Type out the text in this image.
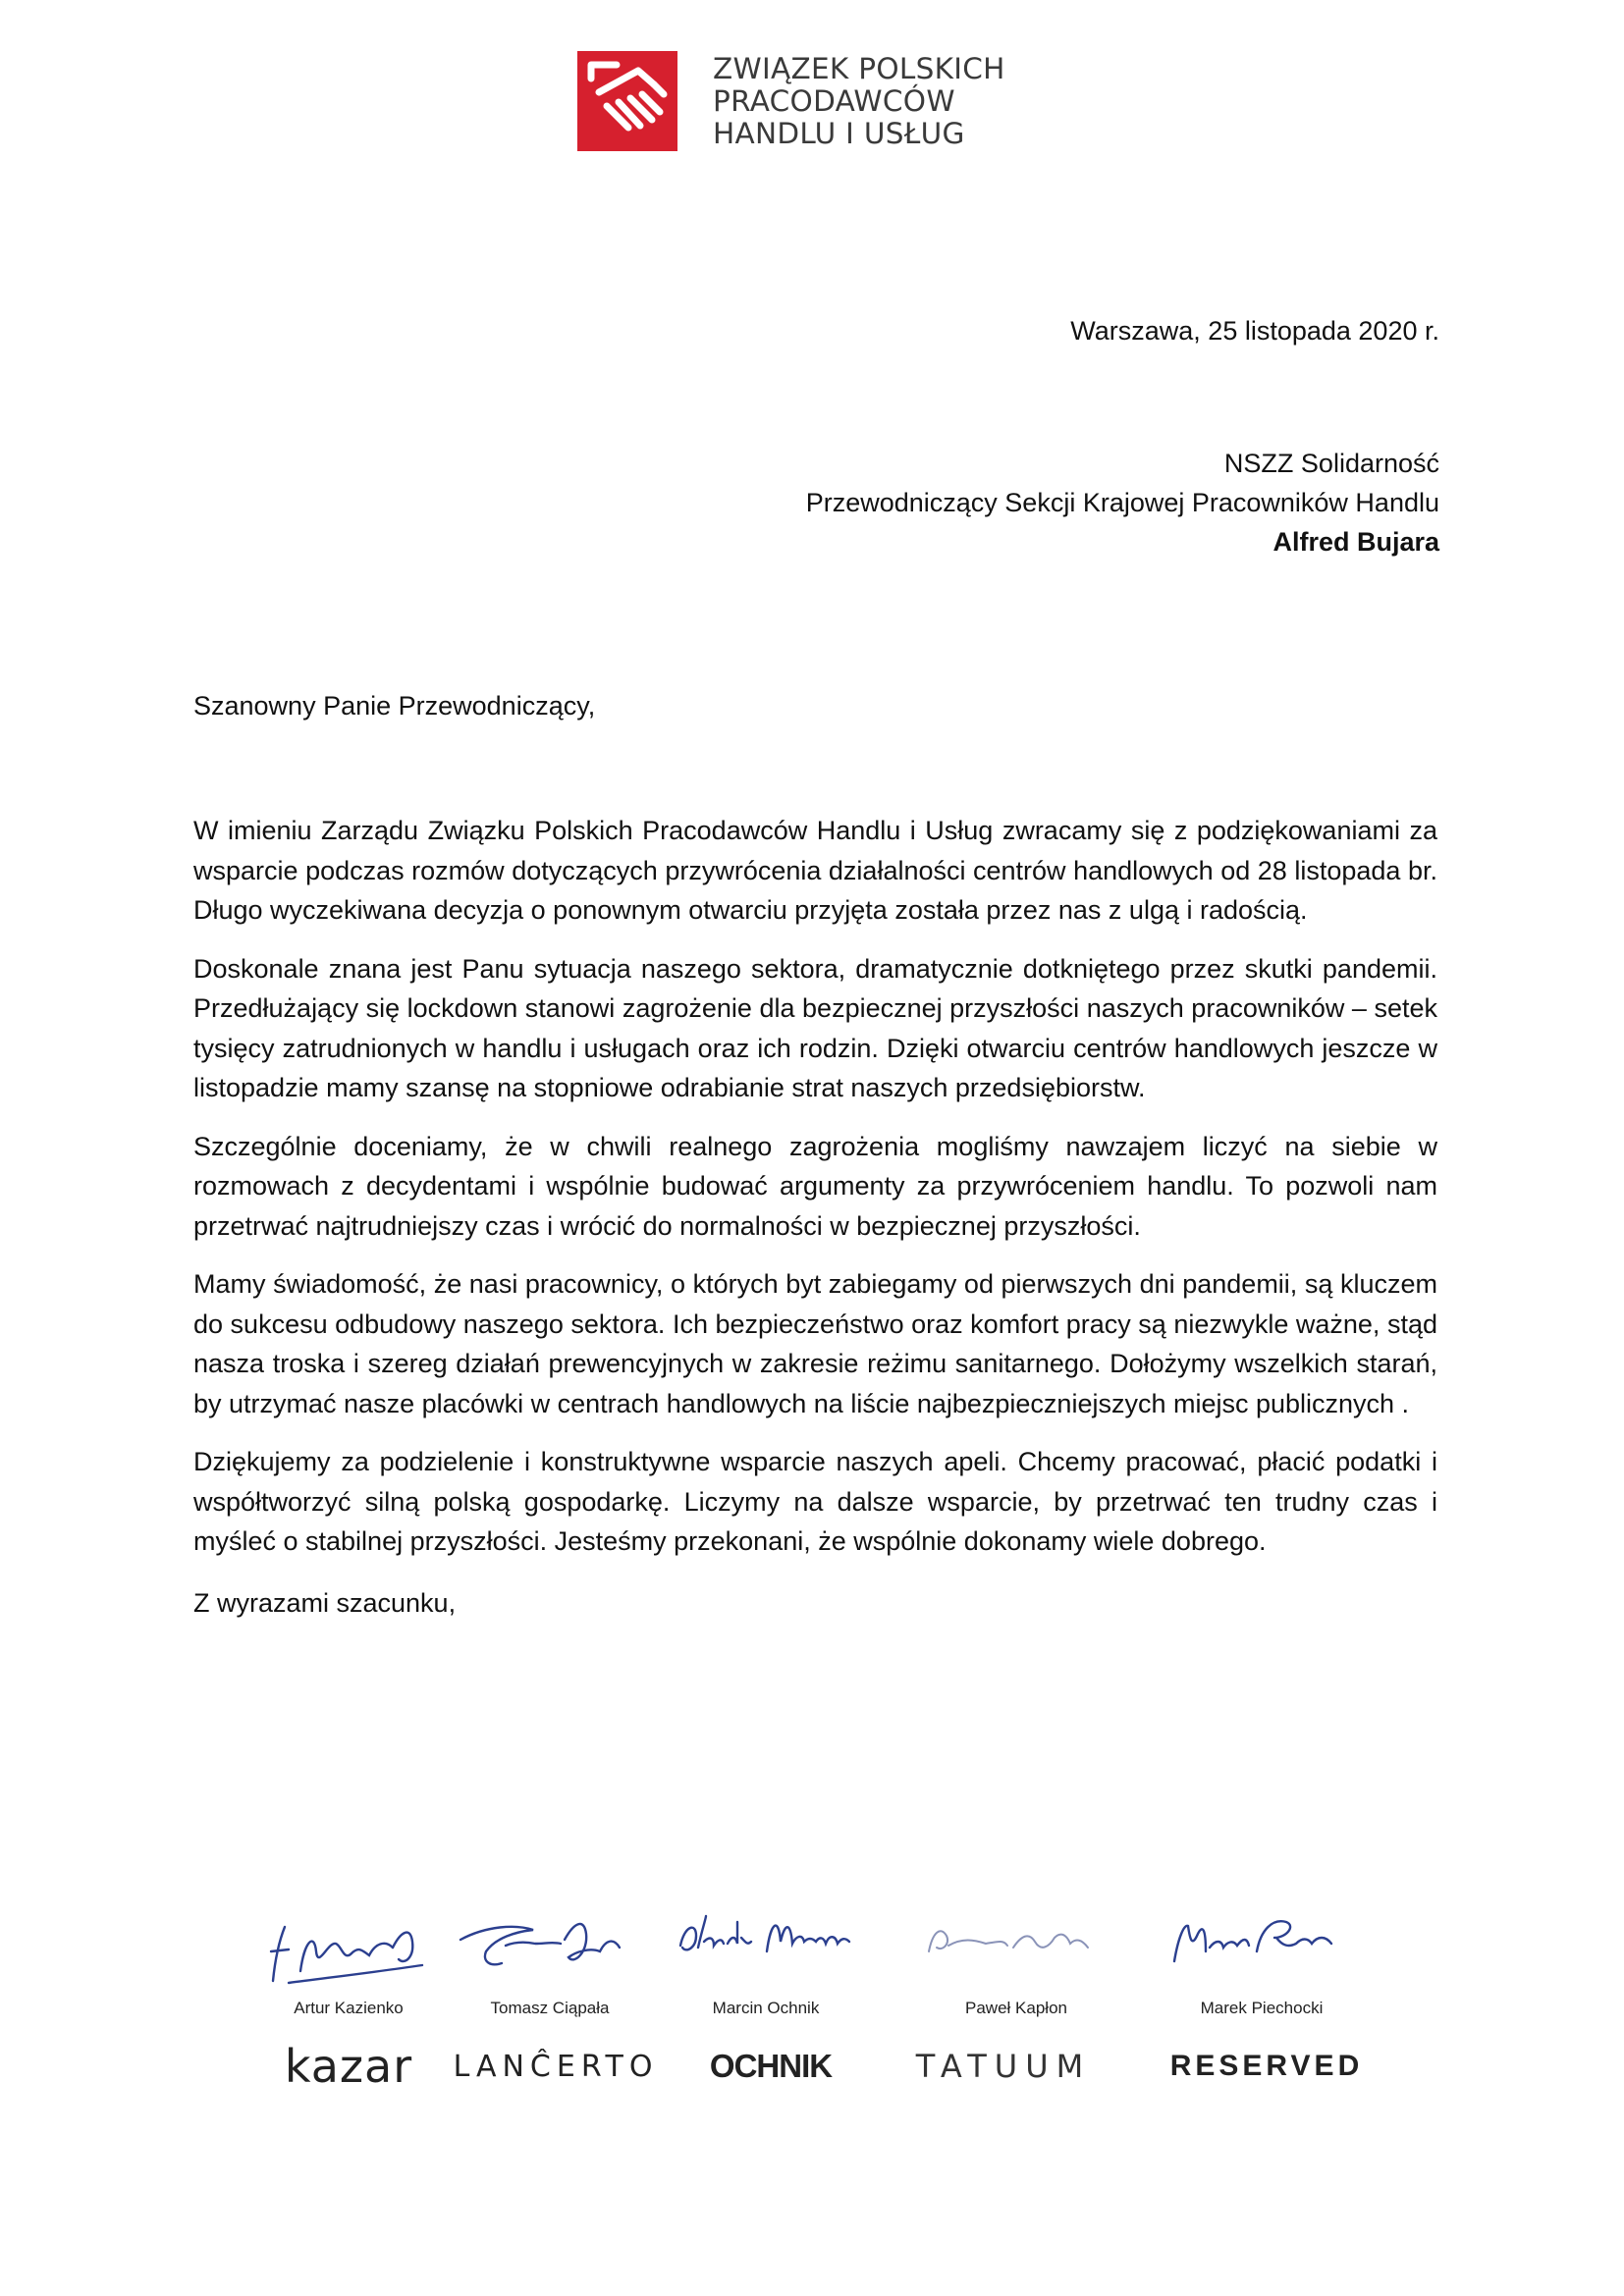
ZWIĄZEK POLSKICH
PRACODAWCÓW
HANDLU I USŁUG
Warszawa, 25 listopada 2020 r.
NSZZ Solidarność
Przewodniczący Sekcji Krajowej Pracowników Handlu
Alfred Bujara
Szanowny Panie Przewodniczący,

W imieniu Zarządu Związku Polskich Pracodawców Handlu i Usług zwracamy się z podziękowaniami za wsparcie podczas rozmów dotyczących przywrócenia działalności centrów handlowych od 28 listopada br. Długo wyczekiwana decyzja o ponownym otwarciu przyjęta została przez nas z ulgą i radością.

Doskonale znana jest Panu sytuacja naszego sektora, dramatycznie dotkniętego przez skutki pandemii. Przedłużający się lockdown stanowi zagrożenie dla bezpiecznej przyszłości naszych pracowników – setek tysięcy zatrudnionych w handlu i usługach oraz ich rodzin. Dzięki otwarciu centrów handlowych jeszcze w listopadzie mamy szansę na stopniowe odrabianie strat naszych przedsiębiorstw.

Szczególnie doceniamy, że w chwili realnego zagrożenia mogliśmy nawzajem liczyć na siebie w rozmowach z decydentami i wspólnie budować argumenty za przywróceniem handlu. To pozwoli nam przetrwać najtrudniejszy czas i wrócić do normalności w bezpiecznej przyszłości.

Mamy świadomość, że nasi pracownicy, o których byt zabiegamy od pierwszych dni pandemii, są kluczem do sukcesu odbudowy naszego sektora. Ich bezpieczeństwo oraz komfort pracy są niezwykle ważne, stąd nasza troska i szereg działań prewencyjnych w zakresie reżimu sanitarnego. Dołożymy wszelkich starań, by utrzymać nasze placówki w centrach handlowych na liście najbezpieczniejszych miejsc publicznych .

Dziękujemy za podzielenie i konstruktywne wsparcie naszych apeli. Chcemy pracować, płacić podatki i współtworzyć silną polską gospodarkę. Liczymy na dalsze wsparcie, by przetrwać ten trudny czas i myśleć o stabilnej przyszłości. Jesteśmy przekonani, że wspólnie dokonamy wiele dobrego.

Z wyrazami szacunku,

Artur Kazienko	Tomasz Ciąpała	Marcin Ochnik	Paweł Kapłon	Marek Piechocki
kazar	LANĈERTO OCHNIK	TATUUM	RESERVED
